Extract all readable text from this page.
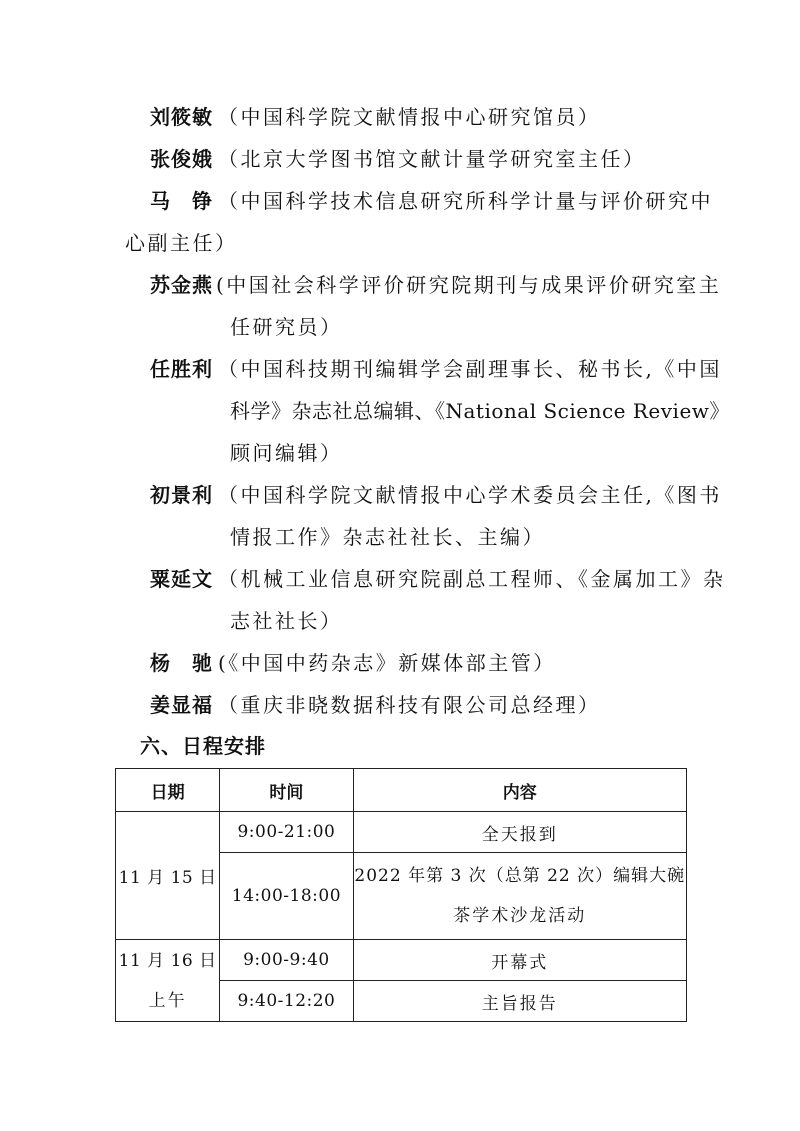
刘筱敏 （中国科学院文献情报中心研究馆员）
张俊娥 （北京大学图书馆文献计量学研究室主任）
马　铮 （中国科学技术信息研究所科学计量与评价研究中
心副主任）
苏金燕 (中国社会科学评价研究院期刊与成果评价研究室主
任研究员）
任胜利 （中国科技期刊编辑学会副理事长、秘书长,《中国
科学》杂志社总编辑、《National Science Review》
顾问编辑）
初景利 （中国科学院文献情报中心学术委员会主任,《图书
情报工作》杂志社社长、主编）
粟延文 （机械工业信息研究院副总工程师、《金属加工》杂
志社社长）
杨　驰 (《中国中药杂志》新媒体部主管）
姜显福 （重庆非晓数据科技有限公司总经理）
六、日程安排
日期	时间	内容
11 月 15 日	9:00-21:00	全天报到
	14:00-18:00	2022 年第 3 次（总第 22 次）编辑大碗
茶学术沙龙活动

11 月 16 日
上午	9:00-9:40	开幕式
	9:40-12:20	主旨报告
